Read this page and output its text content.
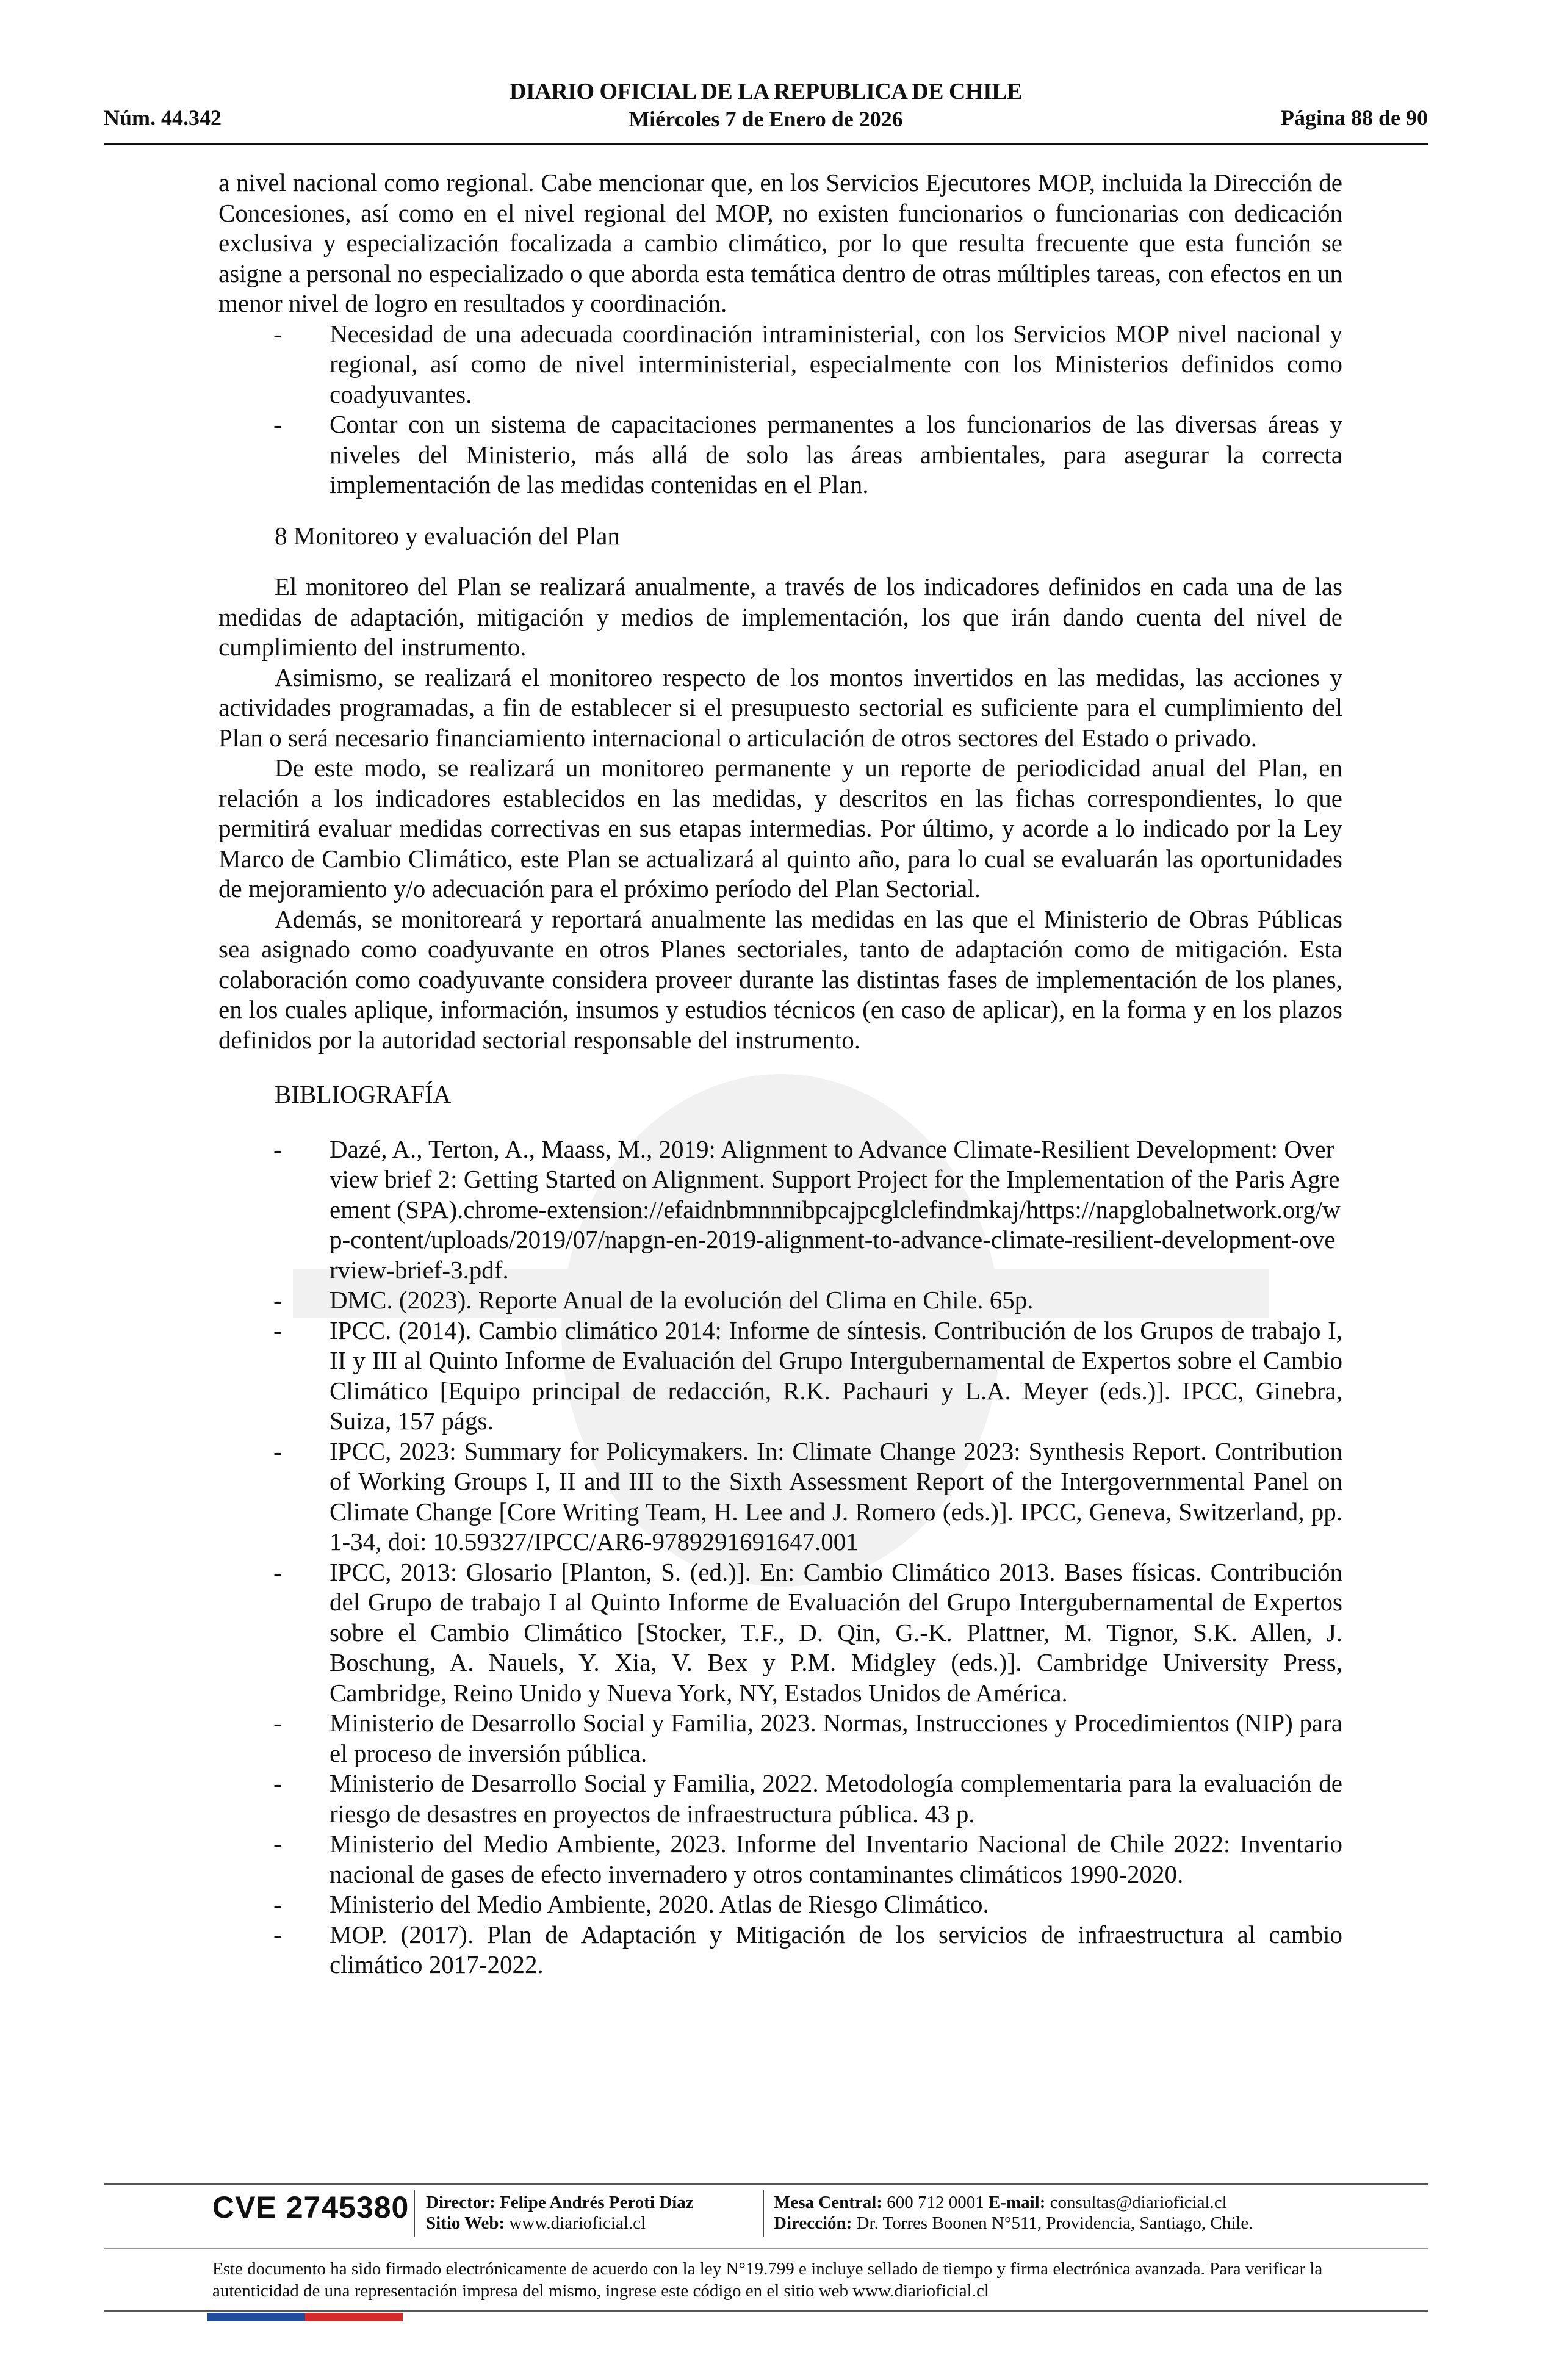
Núm. 44.342
DIARIO OFICIAL DE LA REPUBLICA DE CHILE
Miércoles 7 de Enero de 2026	Página 88 de 90

a nivel nacional como regional. Cabe mencionar que, en los Servicios Ejecutores MOP, incluida la Dirección de Concesiones, así como en el nivel regional del MOP, no existen funcionarios o funcionarias con dedicación exclusiva y especialización focalizada a cambio climático, por lo que resulta frecuente que esta función se asigne a personal no especializado o que aborda esta temática dentro de otras múltiples tareas, con efectos en un menor nivel de logro en resultados y coordinación.

- Necesidad de una adecuada coordinación intraministerial, con los Servicios MOP nivel nacional y regional, así como de nivel interministerial, especialmente con los Ministerios definidos como coadyuvantes.

- Contar con un sistema de capacitaciones permanentes a los funcionarios de las diversas áreas y niveles del Ministerio, más allá de solo las áreas ambientales, para asegurar la correcta implementación de las medidas contenidas en el Plan.

8 Monitoreo y evaluación del Plan

El monitoreo del Plan se realizará anualmente, a través de los indicadores definidos en cada una de las medidas de adaptación, mitigación y medios de implementación, los que irán dando cuenta del nivel de cumplimiento del instrumento.

Asimismo, se realizará el monitoreo respecto de los montos invertidos en las medidas, las acciones y actividades programadas, a fin de establecer si el presupuesto sectorial es suficiente para el cumplimiento del Plan o será necesario financiamiento internacional o articulación de otros sectores del Estado o privado.

De este modo, se realizará un monitoreo permanente y un reporte de periodicidad anual del Plan, en relación a los indicadores establecidos en las medidas, y descritos en las fichas correspondientes, lo que permitirá evaluar medidas correctivas en sus etapas intermedias. Por último, y acorde a lo indicado por la Ley Marco de Cambio Climático, este Plan se actualizará al quinto año, para lo cual se evaluarán las oportunidades de mejoramiento y/o adecuación para el próximo período del Plan Sectorial.

Además, se monitoreará y reportará anualmente las medidas en las que el Ministerio de Obras Públicas sea asignado como coadyuvante en otros Planes sectoriales, tanto de adaptación como de mitigación. Esta colaboración como coadyuvante considera proveer durante las distintas fases de implementación de los planes, en los cuales aplique, información, insumos y estudios técnicos (en caso de aplicar), en la forma y en los plazos definidos por la autoridad sectorial responsable del instrumento.

BIBLIOGRAFÍA

- Dazé, A., Terton, A., Maass, M., 2019: Alignment to Advance Climate-Resilient Development: Overview brief 2: Getting Started on Alignment. Support Project for the Implementation of the Paris Agreement (SPA).chrome-extension://efaidnbmnnnibpcajpcglclefindmkaj/https://napglobalnetwork.org/wp-content/uploads/2019/07/napgn-en-2019-alignment-to-advance-climate-resilient-development-overview-brief-3.pdf.

- DMC. (2023). Reporte Anual de la evolución del Clima en Chile. 65p.

- IPCC. (2014). Cambio climático 2014: Informe de síntesis. Contribución de los Grupos de trabajo I, II y III al Quinto Informe de Evaluación del Grupo Intergubernamental de Expertos sobre el Cambio Climático [Equipo principal de redacción, R.K. Pachauri y L.A. Meyer (eds.)]. IPCC, Ginebra, Suiza, 157 págs.

- IPCC, 2023: Summary for Policymakers. In: Climate Change 2023: Synthesis Report. Contribution of Working Groups I, II and III to the Sixth Assessment Report of the Intergovernmental Panel on Climate Change [Core Writing Team, H. Lee and J. Romero (eds.)]. IPCC, Geneva, Switzerland, pp. 1-34, doi: 10.59327/IPCC/AR6-9789291691647.001

- IPCC, 2013: Glosario [Planton, S. (ed.)]. En: Cambio Climático 2013. Bases físicas. Contribución del Grupo de trabajo I al Quinto Informe de Evaluación del Grupo Intergubernamental de Expertos sobre el Cambio Climático [Stocker, T.F., D. Qin, G.-K. Plattner, M. Tignor, S.K. Allen, J. Boschung, A. Nauels, Y. Xia, V. Bex y P.M. Midgley (eds.)]. Cambridge University Press, Cambridge, Reino Unido y Nueva York, NY, Estados Unidos de América.

- Ministerio de Desarrollo Social y Familia, 2023. Normas, Instrucciones y Procedimientos (NIP) para el proceso de inversión pública.

- Ministerio de Desarrollo Social y Familia, 2022. Metodología complementaria para la evaluación de riesgo de desastres en proyectos de infraestructura pública. 43 p.

- Ministerio del Medio Ambiente, 2023. Informe del Inventario Nacional de Chile 2022: Inventario nacional de gases de efecto invernadero y otros contaminantes climáticos 1990-2020.

- Ministerio del Medio Ambiente, 2020. Atlas de Riesgo Climático.

- MOP. (2017). Plan de Adaptación y Mitigación de los servicios de infraestructura al cambio climático 2017-2022.

CVE 2745380 Director: Felipe Andrés Peroti Díaz
Sitio Web: www.diarioficial.cl
Mesa Central: 600 712 0001 E-mail: consultas@diarioficial.cl
Dirección: Dr. Torres Boonen N°511, Providencia, Santiago, Chile.
Este documento ha sido firmado electrónicamente de acuerdo con la ley N°19.799 e incluye sellado de tiempo y firma electrónica avanzada. Para verificar la autenticidad de una representación impresa del mismo, ingrese este código en el sitio web www.diarioficial.cl
